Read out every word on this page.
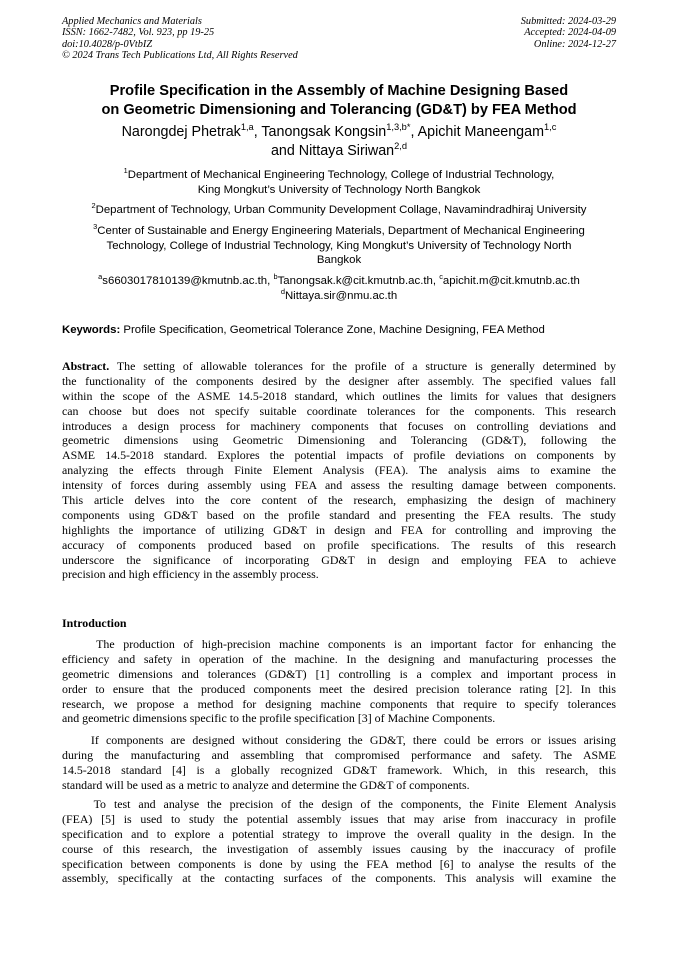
Applied Mechanics and Materials
ISSN: 1662-7482, Vol. 923, pp 19-25
doi:10.4028/p-0VtbIZ
© 2024 Trans Tech Publications Ltd, All Rights Reserved
Submitted: 2024-03-29
Accepted: 2024-04-09
Online: 2024-12-27
Profile Specification in the Assembly of Machine Designing Based
on Geometric Dimensioning and Tolerancing (GD&T) by FEA Method
Narongdej Phetrak$^{1,a}$, Tanongsak Kongsin$^{1,3,b*}$, Apichit Maneengam$^{1,c}$
and Nittaya Siriwan$^{2,d}$
$^1$Department of Mechanical Engineering Technology, College of Industrial Technology,
King Mongkut’s University of Technology North Bangkok
$^2$Department of Technology, Urban Community Development Collage, Navamindradhiraj University
$^3$Center of Sustainable and Energy Engineering Materials, Department of Mechanical Engineering
Technology, College of Industrial Technology, King Mongkut’s University of Technology North
Bangkok
$^a$s6603017810139@kmutnb.ac.th, $^b$Tanongsak.k@cit.kmutnb.ac.th, $^c$apichit.m@cit.kmutnb.ac.th
$^d$Nittaya.sir@nmu.ac.th
Keywords: Profile Specification, Geometrical Tolerance Zone, Machine Designing, FEA Method
Abstract. The setting of allowable tolerances for the profile of a structure is generally determined by
the functionality of the components desired by the designer after assembly. The specified values fall
within the scope of the ASME 14.5-2018 standard, which outlines the limits for values that designers
can choose but does not specify suitable coordinate tolerances for the components. This research
introduces a design process for machinery components that focuses on controlling deviations and
geometric dimensions using Geometric Dimensioning and Tolerancing (GD&T), following the
ASME 14.5-2018 standard. Explores the potential impacts of profile deviations on components by
analyzing the effects through Finite Element Analysis (FEA). The analysis aims to examine the
intensity of forces during assembly using FEA and assess the resulting damage between components.
This article delves into the core content of the research, emphasizing the design of machinery
components using GD&T based on the profile standard and presenting the FEA results. The study
highlights the importance of utilizing GD&T in design and FEA for controlling and improving the
accuracy of components produced based on profile specifications. The results of this research
underscore the significance of incorporating GD&T in design and employing FEA to achieve
precision and high efficiency in the assembly process.
Introduction
The production of high-precision machine components is an important factor for enhancing the
efficiency and safety in operation of the machine. In the designing and manufacturing processes the
geometric dimensions and tolerances (GD&T) [1] controlling is a complex and important process in
order to ensure that the produced components meet the desired precision tolerance rating [2]. In this
research, we propose a method for designing machine components that require to specify tolerances
and geometric dimensions specific to the profile specification [3] of Machine Components.
If components are designed without considering the GD&T, there could be errors or issues arising
during the manufacturing and assembling that compromised performance and safety. The ASME
14.5-2018 standard [4] is a globally recognized GD&T framework. Which, in this research, this
standard will be used as a metric to analyze and determine the GD&T of components.
To test and analyse the precision of the design of the components, the Finite Element Analysis
(FEA) [5] is used to study the potential assembly issues that may arise from inaccuracy in profile
specification and to explore a potential strategy to improve the overall quality in the design. In the
course of this research, the investigation of assembly issues causing by the inaccuracy of profile
specification between components is done by using the FEA method [6] to analyse the results of the
assembly, specifically at the contacting surfaces of the components. This analysis will examine the
